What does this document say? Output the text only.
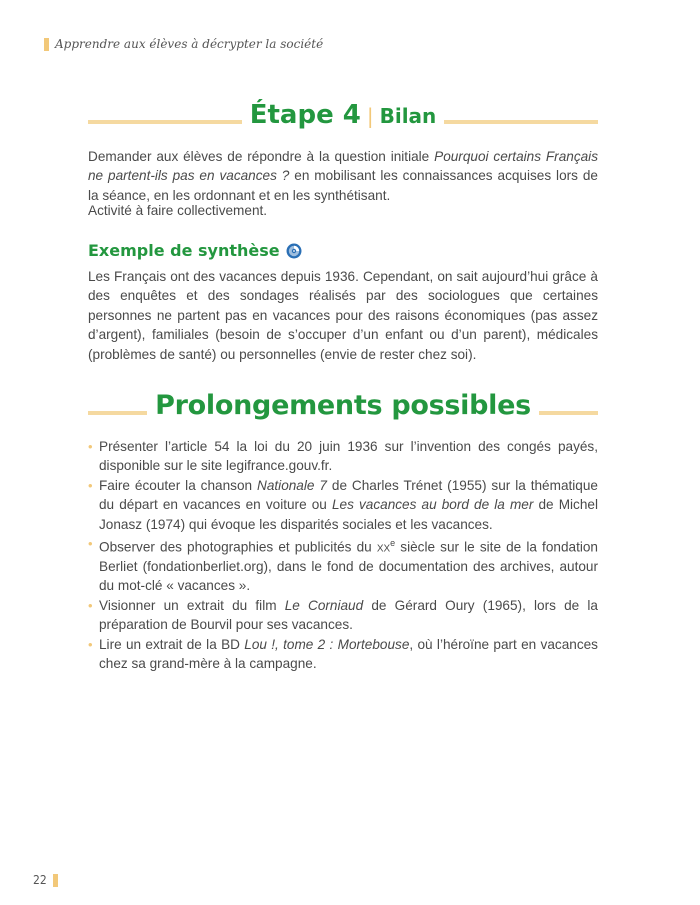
Apprendre aux élèves à décrypter la société
Étape 4 | Bilan

Demander aux élèves de répondre à la question initiale Pourquoi certains Français ne partent-ils pas en vacances ? en mobilisant les connaissances acquises lors de la séance, en les ordonnant et en les synthétisant.

Activité à faire collectivement.

Exemple de synthèse

Les Français ont des vacances depuis 1936. Cependant, on sait aujourd’hui grâce à des enquêtes et des sondages réalisés par des sociologues que certaines personnes ne partent pas en vacances pour des raisons économiques (pas assez d’argent), familiales (besoin de s’occuper d’un enfant ou d’un parent), médicales (problèmes de santé) ou personnelles (envie de rester chez soi).

Prolongements possibles
• Présenter l’article 54 la loi du 20 juin 1936 sur l’invention des congés payés, disponible sur le site legifrance.gouv.fr.
• Faire écouter la chanson Nationale 7 de Charles Trénet (1955) sur la thématique du départ en vacances en voiture ou Les vacances au bord de la mer de Michel Jonasz (1974) qui évoque les disparités sociales et les vacances.
• Observer des photographies et publicités du $xx^e$ siècle sur le site de la fondation Berliet (fondationberliet.org), dans le fond de documentation des archives, autour du mot-clé « vacances ».
• Visionner un extrait du film Le Corniaud de Gérard Oury (1965), lors de la préparation de Bourvil pour ses vacances.
• Lire un extrait de la BD Lou !, tome 2 : Mortebouse, où l’héroïne part en vacances chez sa grand-mère à la campagne.
22
